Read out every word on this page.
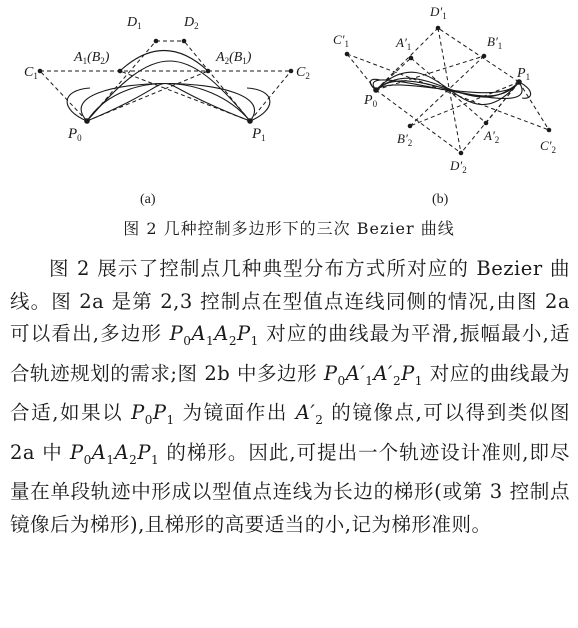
$D_1$	$D_2$
$C_1$	$C_2$
$A_1(B_2)$	$A_2(B_1)$
$P_0$	$P_1$
(a)
$D'_1$
$C'_1$	$A'_1$	$B'_1$
$P_1$
$P_0$
$B'_2$	$A'_2$	$C'_2$
$D'_2$
(b)
图 2 几种控制多边形下的三次 Bezier 曲线

图 2 展示了控制点几种典型分布方式所对应的 Bezier 曲线。图 2a 是第 2,3 控制点在型值点连线同侧的情况,由图 2a 可以看出,多边形 $P_0A_1A_2P_1$ 对应的曲线最为平滑,振幅最小,适合轨迹规划的需求;图 2b 中多边形 $P_0A'_1A'_2P_1$ 对应的曲线最为合适,如果以 $P_0P_1$ 为镜面作出 $A'_2$ 的镜像点,可以得到类似图 2a 中 $P_0A_1A_2P_1$ 的梯形。因此,可提出一个轨迹设计准则,即尽量在单段轨迹中形成以型值点连线为长边的梯形(或第 3 控制点镜像后为梯形),且梯形的高要适当的小,记为梯形准则。
